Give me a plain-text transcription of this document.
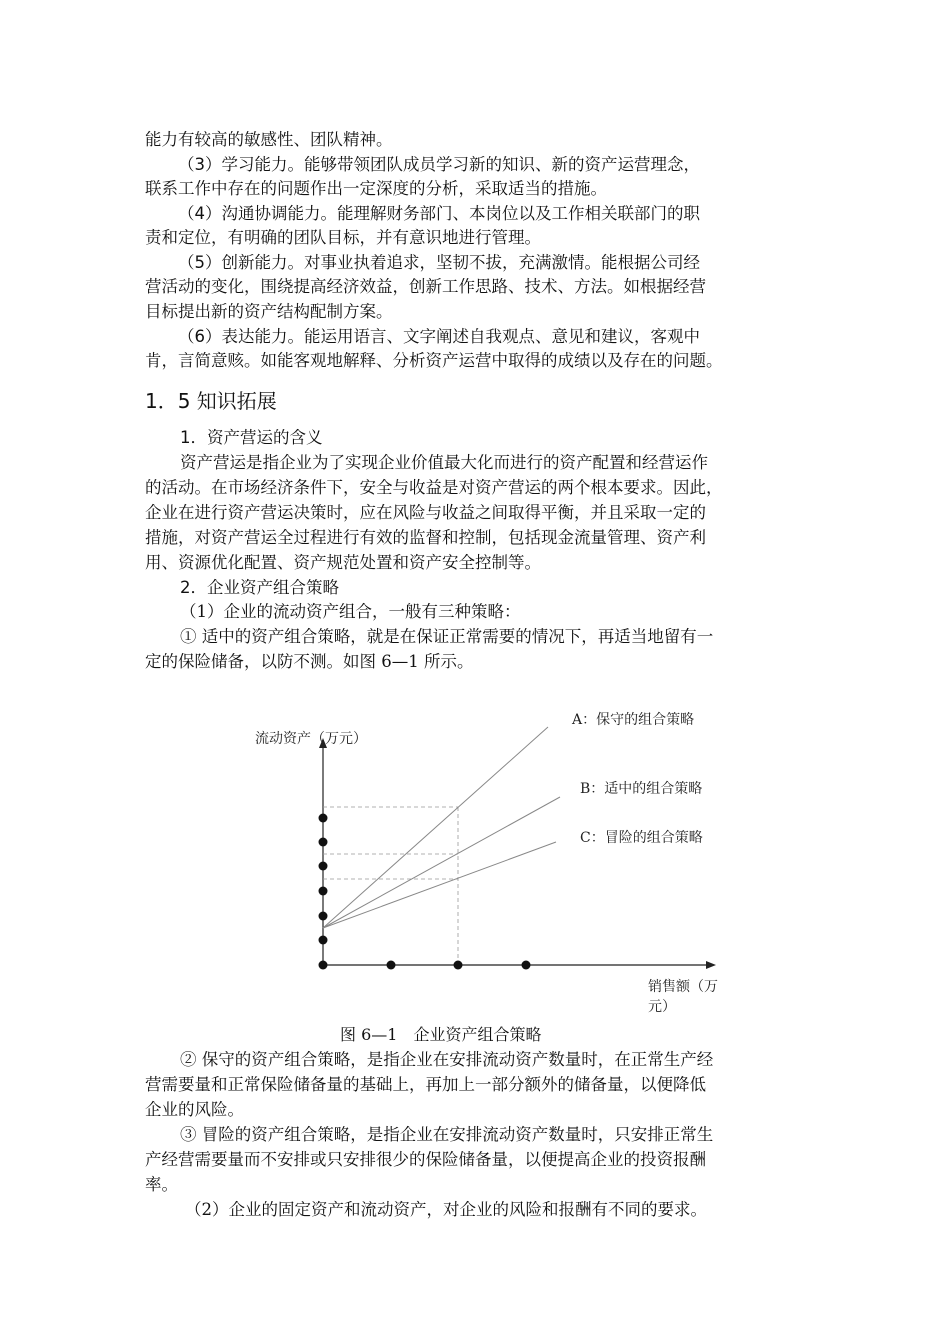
能力有较高的敏感性、团队精神。
（3）学习能力。能够带领团队成员学习新的知识、新的资产运营理念，
联系工作中存在的问题作出一定深度的分析，采取适当的措施。
（4）沟通协调能力。能理解财务部门、本岗位以及工作相关联部门的职
责和定位，有明确的团队目标，并有意识地进行管理。
（5）创新能力。对事业执着追求，坚韧不拔，充满激情。能根据公司经
营活动的变化，围绕提高经济效益，创新工作思路、技术、方法。如根据经营
目标提出新的资产结构配制方案。
（6）表达能力。能运用语言、文字阐述自我观点、意见和建议，客观中
肯，言简意赅。如能客观地解释、分析资产运营中取得的成绩以及存在的问题。
1．5 知识拓展
1．资产营运的含义
资产营运是指企业为了实现企业价值最大化而进行的资产配置和经营运作
的活动。在市场经济条件下，安全与收益是对资产营运的两个根本要求。因此，
企业在进行资产营运决策时，应在风险与收益之间取得平衡，并且采取一定的
措施，对资产营运全过程进行有效的监督和控制，包括现金流量管理、资产利
用、资源优化配置、资产规范处置和资产安全控制等。
2．企业资产组合策略
（1）企业的流动资产组合，一般有三种策略：
① 适中的资产组合策略，就是在保证正常需要的情况下，再适当地留有一
定的保险储备，以防不测。如图 6—1 所示。
流动资产（万元）
A：保守的组合策略
B：适中的组合策略
C：冒险的组合策略
销售额（万
元）
图 6—1　企业资产组合策略
② 保守的资产组合策略，是指企业在安排流动资产数量时，在正常生产经
营需要量和正常保险储备量的基础上，再加上一部分额外的储备量，以便降低
企业的风险。
③ 冒险的资产组合策略，是指企业在安排流动资产数量时，只安排正常生
产经营需要量而不安排或只安排很少的保险储备量，以便提高企业的投资报酬
率。
（2）企业的固定资产和流动资产，对企业的风险和报酬有不同的要求。
